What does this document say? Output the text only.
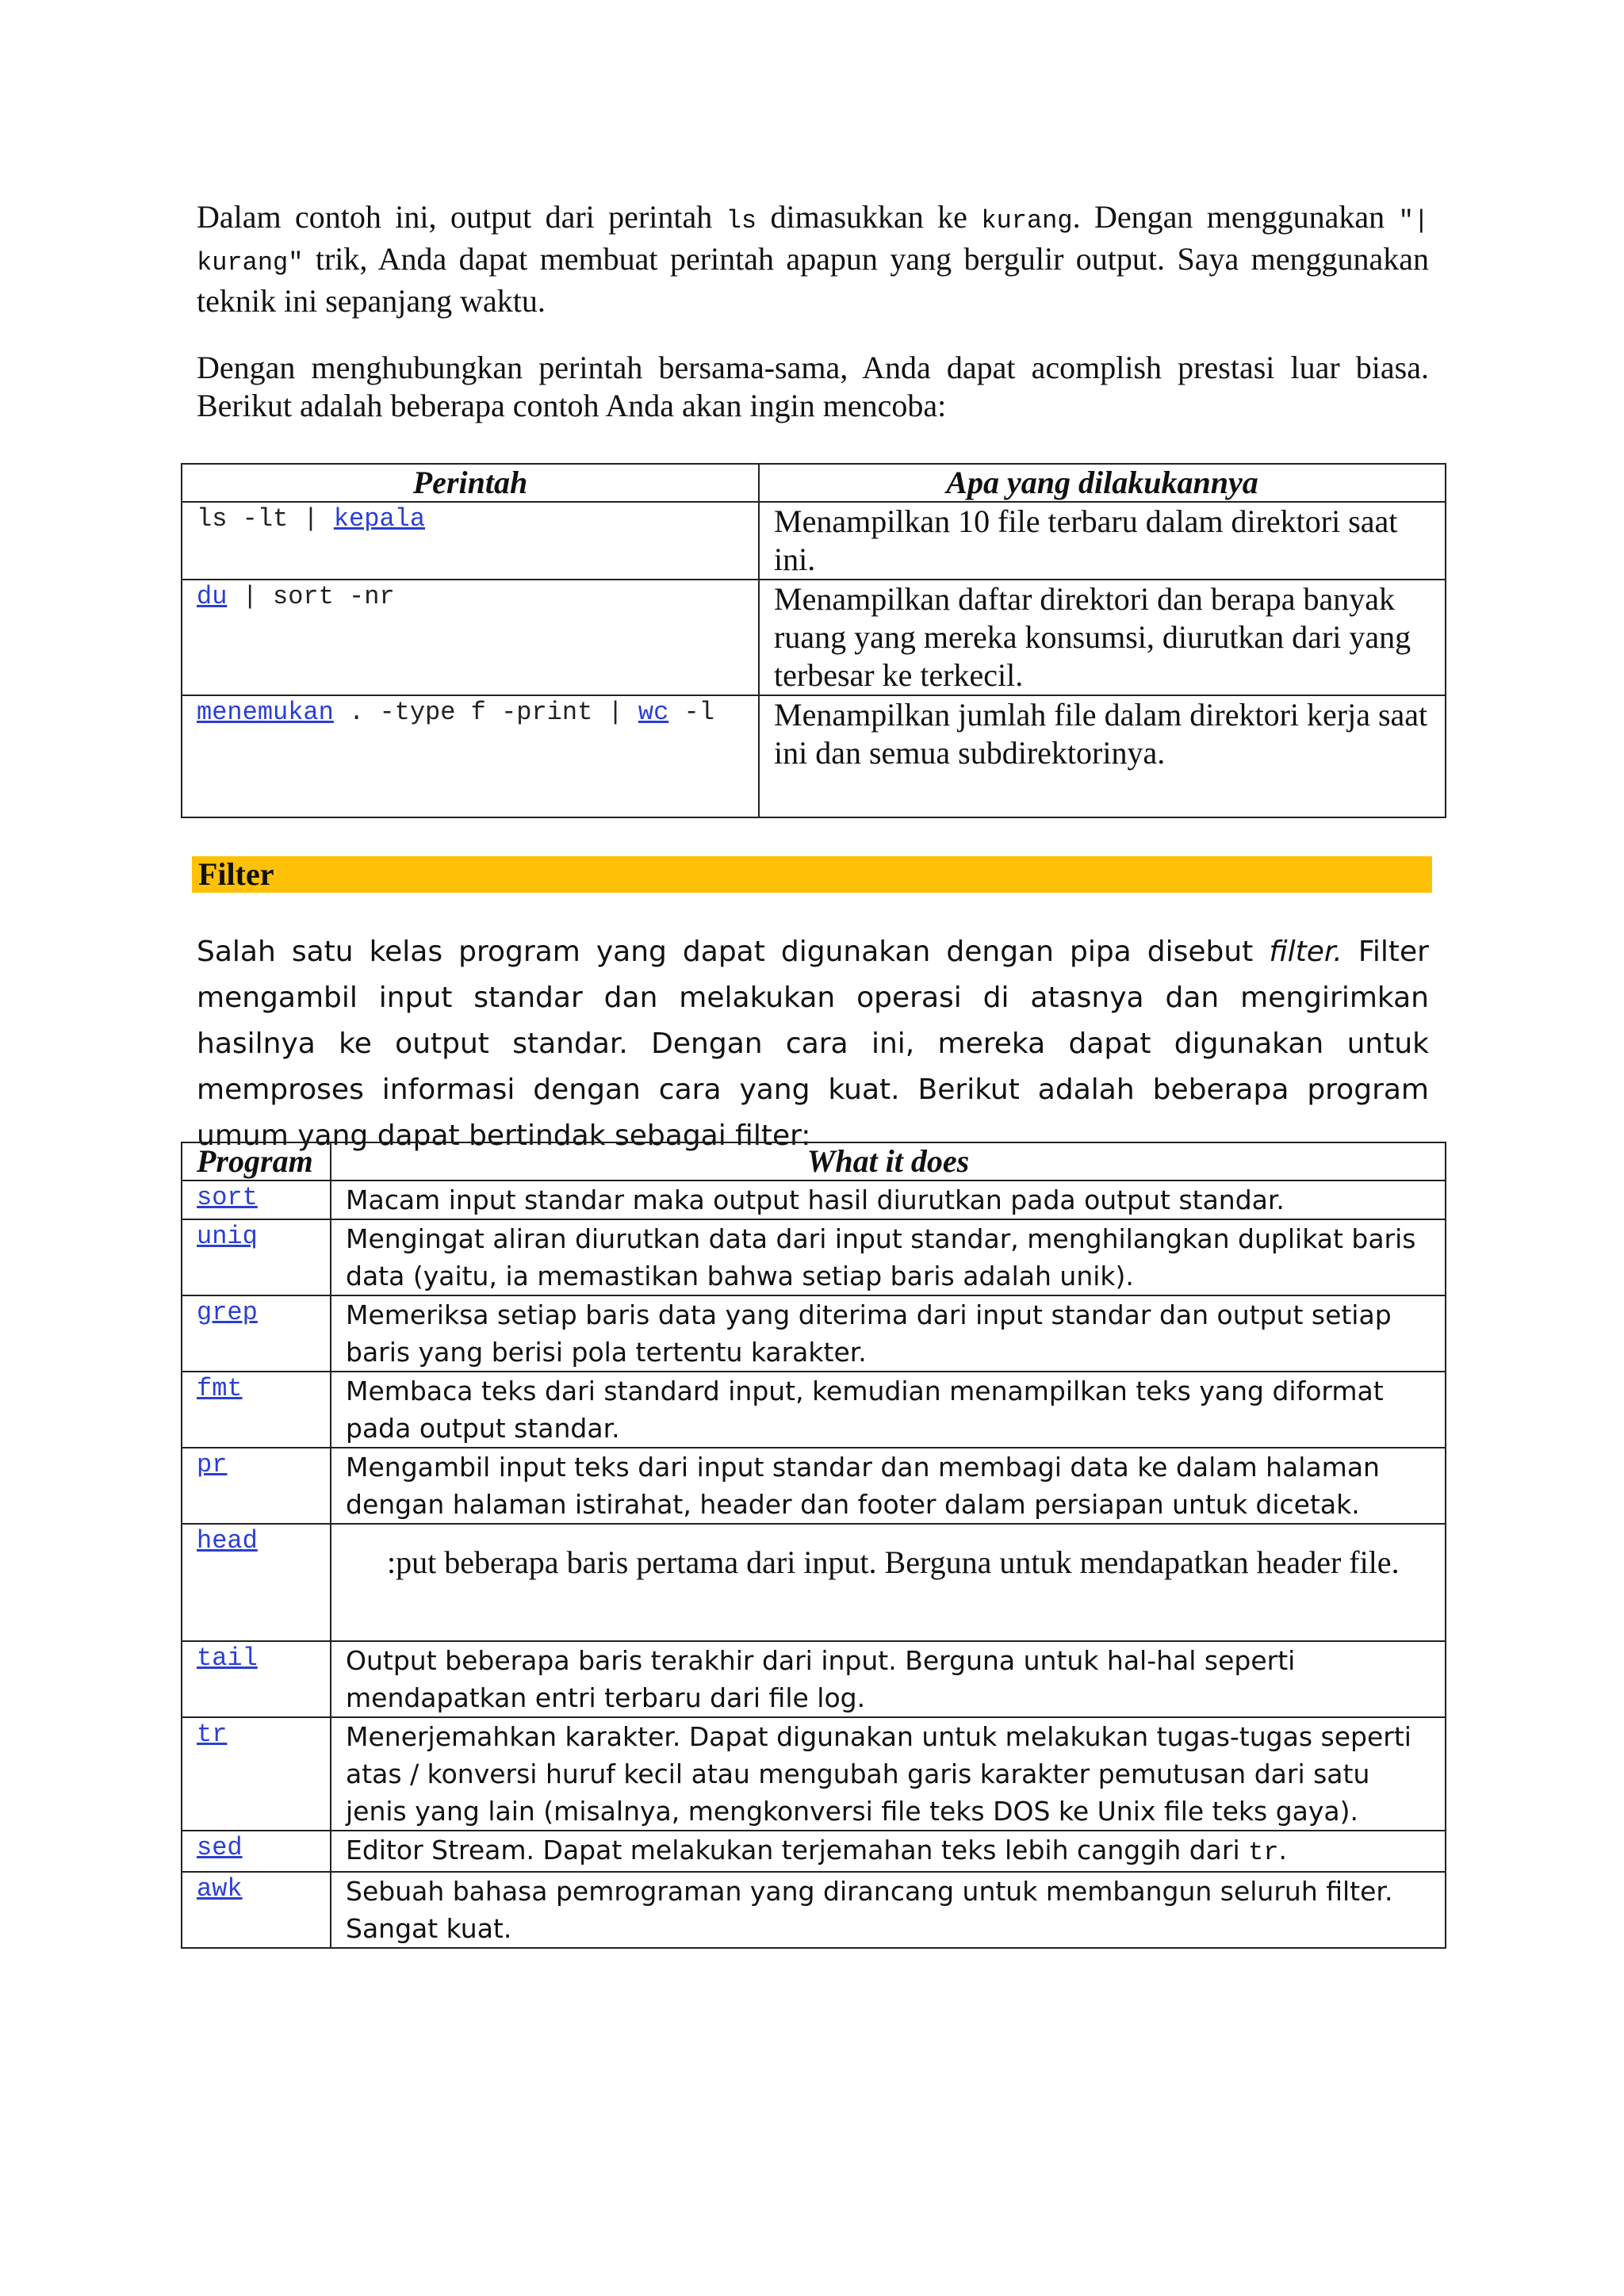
Dalam contoh ini, output dari perintah ls dimasukkan ke kurang. Dengan menggunakan "| kurang" trik, Anda dapat membuat perintah apapun yang bergulir output. Saya menggunakan teknik ini sepanjang waktu.

Dengan menghubungkan perintah bersama-sama, Anda dapat acomplish prestasi luar biasa. Berikut adalah beberapa contoh Anda akan ingin mencoba:

Perintah	Apa yang dilakukannya
ls -lt | kepala	Menampilkan 10 file terbaru dalam direktori saat ini.
du | sort -nr	Menampilkan daftar direktori dan berapa banyak ruang yang mereka konsumsi, diurutkan dari yang terbesar ke terkecil.
menemukan . -type f -print | wc -l	Menampilkan jumlah file dalam direktori kerja saat ini dan semua subdirektorinya.

Filter

Salah satu kelas program yang dapat digunakan dengan pipa disebut filter. Filter mengambil input standar dan melakukan operasi di atasnya dan mengirimkan hasilnya ke output standar. Dengan cara ini, mereka dapat digunakan untuk memproses informasi dengan cara yang kuat. Berikut adalah beberapa program umum yang dapat bertindak sebagai filter:

Program	What it does
sort	Macam input standar maka output hasil diurutkan pada output standar.
uniq	Mengingat aliran diurutkan data dari input standar, menghilangkan duplikat baris data (yaitu, ia memastikan bahwa setiap baris adalah unik).
grep	Memeriksa setiap baris data yang diterima dari input standar dan output setiap baris yang berisi pola tertentu karakter.
fmt	Membaca teks dari standard input, kemudian menampilkan teks yang diformat pada output standar.
pr	Mengambil input teks dari input standar dan membagi data ke dalam halaman dengan halaman istirahat, header dan footer dalam persiapan untuk dicetak.
head	:put beberapa baris pertama dari input. Berguna untuk mendapatkan header file.
tail	Output beberapa baris terakhir dari input. Berguna untuk hal-hal seperti mendapatkan entri terbaru dari file log.
tr	Menerjemahkan karakter. Dapat digunakan untuk melakukan tugas-tugas seperti atas / konversi huruf kecil atau mengubah garis karakter pemutusan dari satu jenis yang lain (misalnya, mengkonversi file teks DOS ke Unix file teks gaya).
sed	Editor Stream. Dapat melakukan terjemahan teks lebih canggih dari tr.
awk	Sebuah bahasa pemrograman yang dirancang untuk membangun seluruh filter. Sangat kuat.
